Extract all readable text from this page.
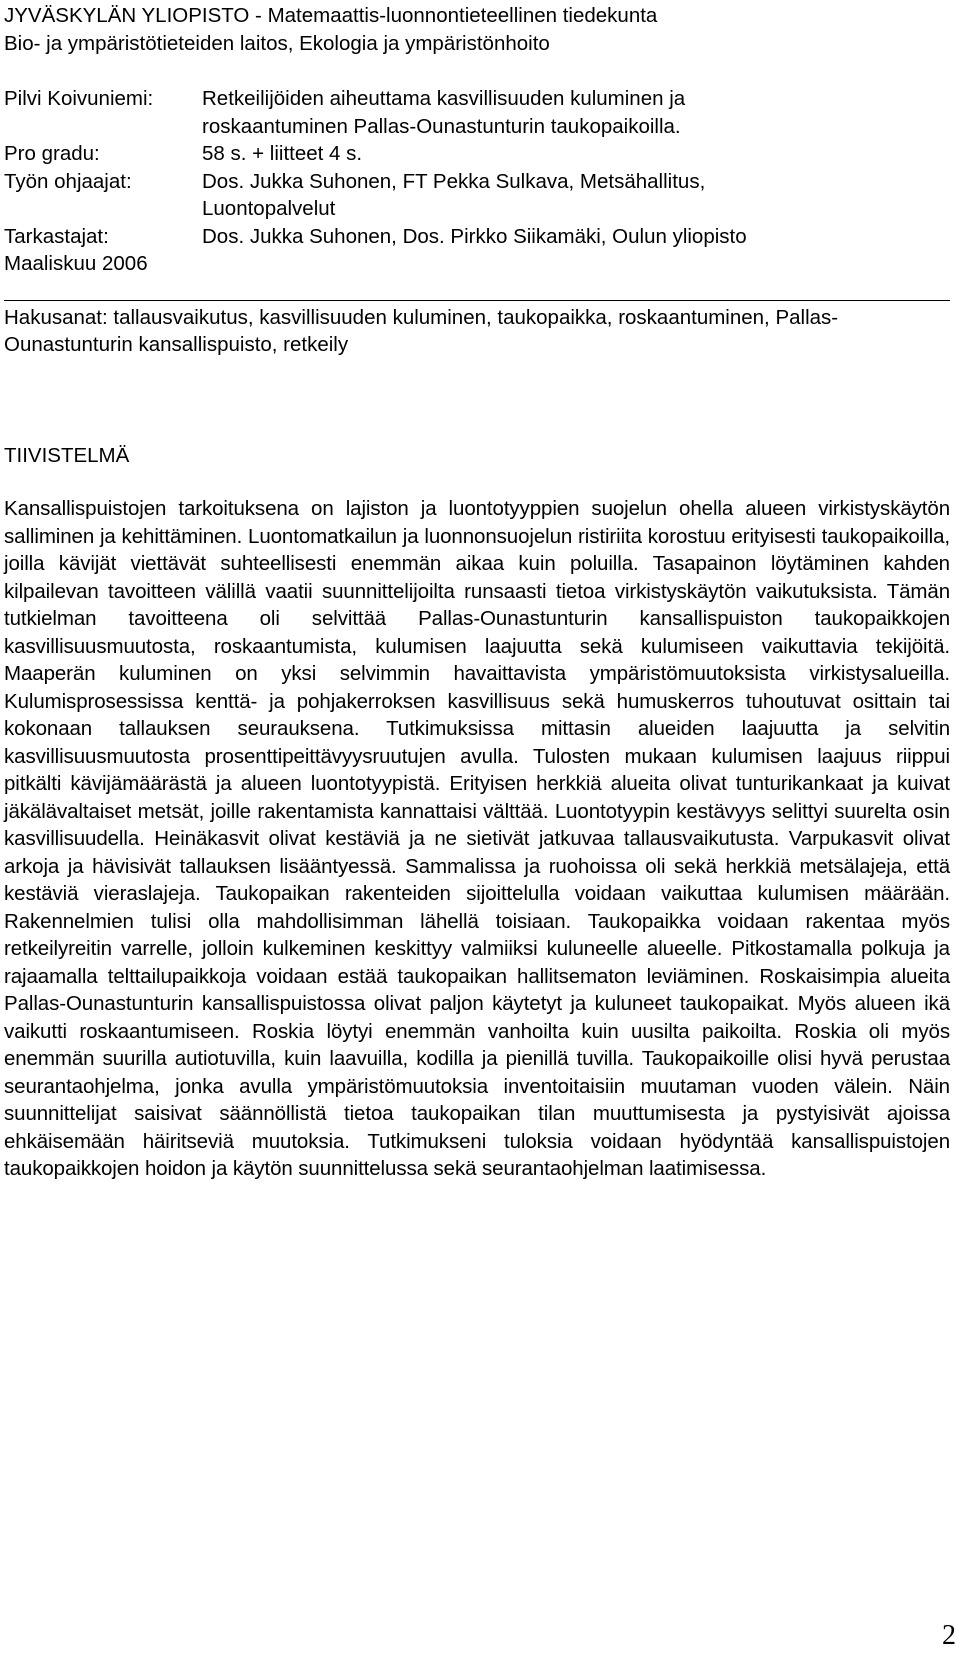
JYVÄSKYLÄN YLIOPISTO - Matemaattis-luonnontieteellinen tiedekunta
Bio- ja ympäristötieteiden laitos, Ekologia ja ympäristönhoito
Pilvi Koivuniemi:	Retkeilijöiden aiheuttama kasvillisuuden kuluminen ja roskaantuminen Pallas-Ounastunturin taukopaikoilla.
Pro gradu:	58 s. + liitteet 4 s.
Työn ohjaajat:	Dos. Jukka Suhonen, FT Pekka Sulkava, Metsähallitus, Luontopalvelut
Tarkastajat:	Dos. Jukka Suhonen, Dos. Pirkko Siikamäki, Oulun yliopisto
Maaliskuu 2006
Hakusanat: tallausvaikutus, kasvillisuuden kuluminen, taukopaikka, roskaantuminen, Pallas-Ounastunturin kansallispuisto, retkeily
TIIVISTELMÄ
Kansallispuistojen tarkoituksena on lajiston ja luontotyyppien suojelun ohella alueen virkistyskäytön salliminen ja kehittäminen. Luontomatkailun ja luonnonsuojelun ristiriita korostuu erityisesti taukopaikoilla, joilla kävijät viettävät suhteellisesti enemmän aikaa kuin poluilla. Tasapainon löytäminen kahden kilpailevan tavoitteen välillä vaatii suunnittelijoilta runsaasti tietoa virkistyskäytön vaikutuksista. Tämän tutkielman tavoitteena oli selvittää Pallas-Ounastunturin kansallispuiston taukopaikkojen kasvillisuusmuutosta, roskaantumista, kulumisen laajuutta sekä kulumiseen vaikuttavia tekijöitä. Maaperän kuluminen on yksi selvimmin havaittavista ympäristömuutoksista virkistysalueilla. Kulumisprosessissa kenttä- ja pohjakerroksen kasvillisuus sekä humuskerros tuhoutuvat osittain tai kokonaan tallauksen seurauksena. Tutkimuksissa mittasin alueiden laajuutta ja selvitin kasvillisuusmuutosta prosenttipeittävyysruutujen avulla. Tulosten mukaan kulumisen laajuus riippui pitkälti kävijämäärästä ja alueen luontotyypistä. Erityisen herkkiä alueita olivat tunturikankaat ja kuivat jäkälävaltaiset metsät, joille rakentamista kannattaisi välttää. Luontotyypin kestävyys selittyi suurelta osin kasvillisuudella. Heinäkasvit olivat kestäviä ja ne sietivät jatkuvaa tallausvaikutusta. Varpukasvit olivat arkoja ja hävisivät tallauksen lisääntyessä. Sammalissa ja ruohoissa oli sekä herkkiä metsälajeja, että kestäviä vieraslajeja. Taukopaikan rakenteiden sijoittelulla voidaan vaikuttaa kulumisen määrään. Rakennelmien tulisi olla mahdollisimman lähellä toisiaan. Taukopaikka voidaan rakentaa myös retkeilyreitin varrelle, jolloin kulkeminen keskittyy valmiiksi kuluneelle alueelle. Pitkostamalla polkuja ja rajaamalla telttailupaikkoja voidaan estää taukopaikan hallitsematon leviäminen. Roskaisimpia alueita Pallas-Ounastunturin kansallispuistossa olivat paljon käytetyt ja kuluneet taukopaikat. Myös alueen ikä vaikutti roskaantumiseen. Roskia löytyi enemmän vanhoilta kuin uusilta paikoilta. Roskia oli myös enemmän suurilla autiotuvilla, kuin laavuilla, kodilla ja pienillä tuvilla. Taukopaikoille olisi hyvä perustaa seurantaohjelma, jonka avulla ympäristömuutoksia inventoitaisiin muutaman vuoden välein. Näin suunnittelijat saisivat säännöllistä tietoa taukopaikan tilan muuttumisesta ja pystyisivät ajoissa ehkäisemään häiritseviä muutoksia. Tutkimukseni tuloksia voidaan hyödyntää kansallispuistojen taukopaikkojen hoidon ja käytön suunnittelussa sekä seurantaohjelman laatimisessa.
2
